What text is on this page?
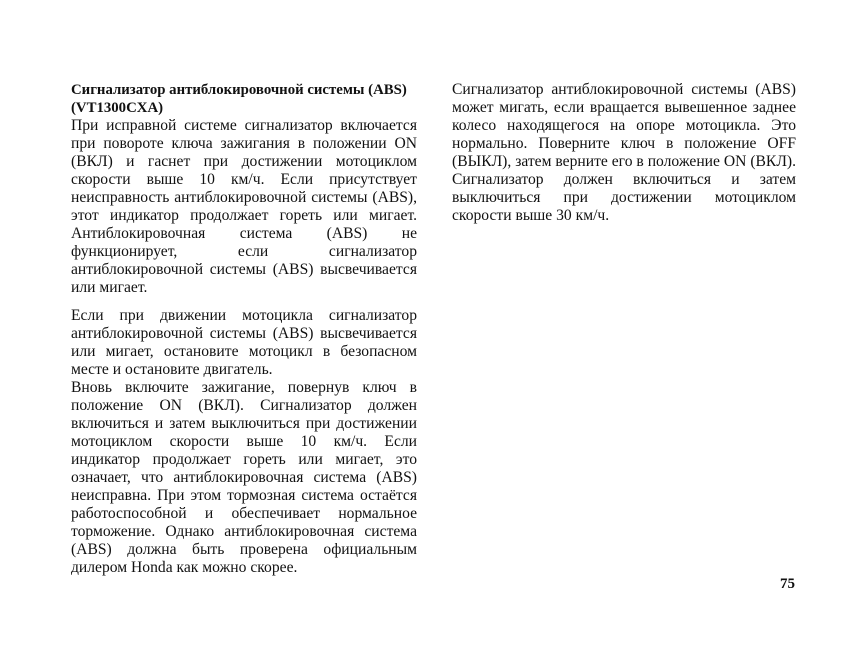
Сигнализатор антиблокировочной системы (ABS) (VT1300CXA)

При исправной системе сигнализатор включается при повороте ключа зажигания в положении ON (ВКЛ) и гаснет при достижении мотоциклом скорости выше 10 км/ч. Если присутствует неисправность антиблокировочной системы (ABS), этот индикатор продолжает гореть или мигает. Антиблокировочная система (ABS) не функционирует, если сигнализатор антиблокировочной системы (ABS) высвечивается или мигает.

Если при движении мотоцикла сигнализатор антиблокировочной системы (ABS) высвечивается или мигает, остановите мотоцикл в безопасном месте и остановите двигатель.

Вновь включите зажигание, повернув ключ в положение ON (ВКЛ). Сигнализатор должен включиться и затем выключиться при достижении мотоциклом скорости выше 10 км/ч. Если индикатор продолжает гореть или мигает, это означает, что антиблокировочная система (ABS) неисправна. При этом тормозная система остаётся работоспособной и обеспечивает нормальное торможение. Однако антиблокировочная система (ABS) должна быть проверена официальным дилером Honda как можно скорее.

Сигнализатор антиблокировочной системы (ABS) может мигать, если вращается вывешенное заднее колесо находящегося на опоре мотоцикла. Это нормально. Поверните ключ в положение OFF (ВЫКЛ), затем верните его в положение ON (ВКЛ). Сигнализатор должен включиться и затем выключиться при достижении мотоциклом скорости выше 30 км/ч.

75
